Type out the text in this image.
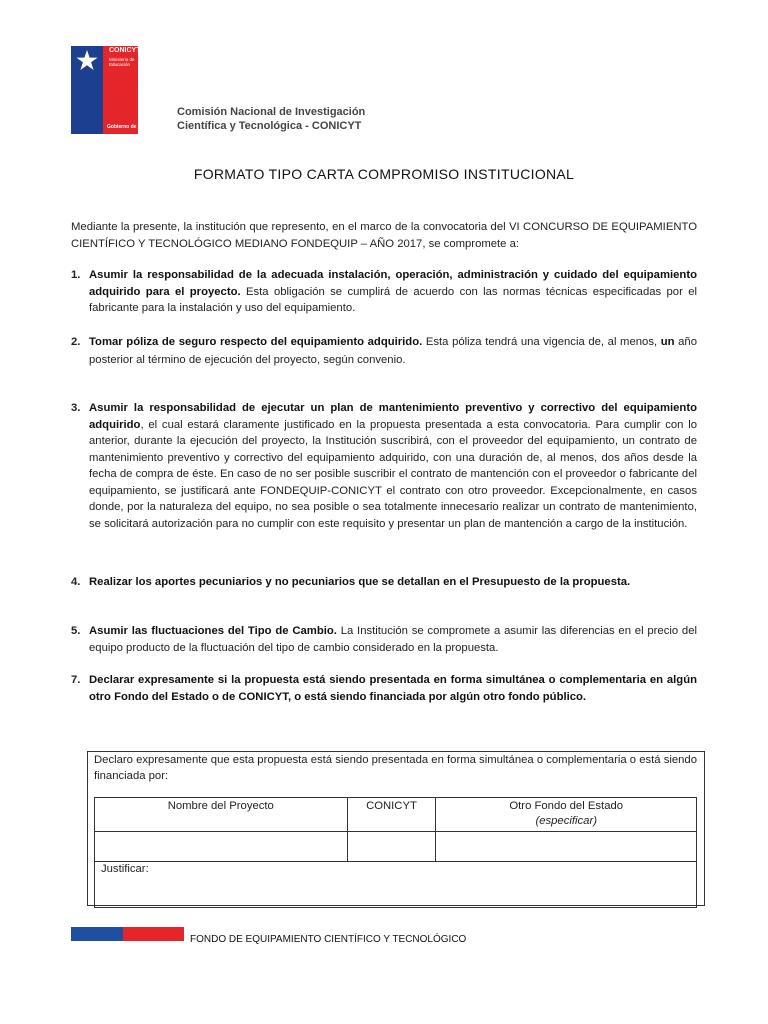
CONICYT
Ministerio de Educación
Gobierno de Chile
Comisión Nacional de Investigación
Científica y Tecnológica - CONICYT
FORMATO TIPO CARTA COMPROMISO INSTITUCIONAL
Mediante la presente, la institución que represento, en el marco de la convocatoria del VI CONCURSO DE EQUIPAMIENTO CIENTÍFICO Y TECNOLÓGICO MEDIANO FONDEQUIP – AÑO 2017, se compromete a:
1. Asumir la responsabilidad de la adecuada instalación, operación, administración y cuidado del equipamiento adquirido para el proyecto. Esta obligación se cumplirá de acuerdo con las normas técnicas especificadas por el fabricante para la instalación y uso del equipamiento.
2. Tomar póliza de seguro respecto del equipamiento adquirido. Esta póliza tendrá una vigencia de, al menos, un año posterior al término de ejecución del proyecto, según convenio.
3. Asumir la responsabilidad de ejecutar un plan de mantenimiento preventivo y correctivo del equipamiento adquirido, el cual estará claramente justificado en la propuesta presentada a esta convocatoria. Para cumplir con lo anterior, durante la ejecución del proyecto, la Institución suscribirá, con el proveedor del equipamiento, un contrato de mantenimiento preventivo y correctivo del equipamiento adquirido, con una duración de, al menos, dos años desde la fecha de compra de éste. En caso de no ser posible suscribir el contrato de mantención con el proveedor o fabricante del equipamiento, se justificará ante FONDEQUIP-CONICYT el contrato con otro proveedor. Excepcionalmente, en casos donde, por la naturaleza del equipo, no sea posible o sea totalmente innecesario realizar un contrato de mantenimiento, se solicitará autorización para no cumplir con este requisito y presentar un plan de mantención a cargo de la institución.
4. Realizar los aportes pecuniarios y no pecuniarios que se detallan en el Presupuesto de la propuesta.
5. Asumir las fluctuaciones del Tipo de Cambio. La Institución se compromete a asumir las diferencias en el precio del equipo producto de la fluctuación del tipo de cambio considerado en la propuesta.
7. Declarar expresamente si la propuesta está siendo presentada en forma simultánea o complementaria en algún otro Fondo del Estado o de CONICYT, o está siendo financiada por algún otro fondo público.
Declaro expresamente que esta propuesta está siendo presentada en forma simultánea o complementaria o está siendo financiada por:
Nombre del Proyecto	CONICYT	Otro Fondo del Estado
(especificar)

Justificar:		
FONDO DE EQUIPAMIENTO CIENTÍFICO Y TECNOLÓGICO
